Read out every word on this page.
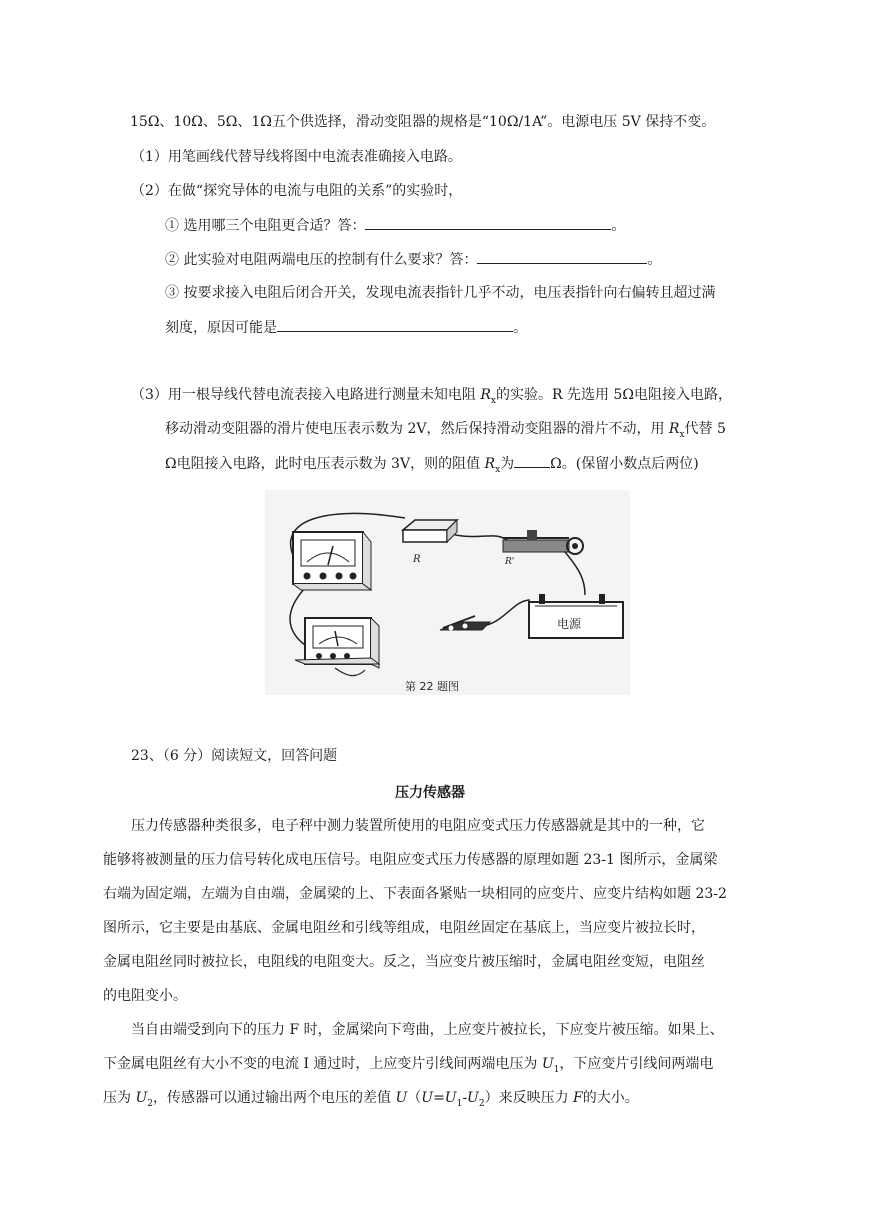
15Ω、10Ω、5Ω、1Ω五个供选择，滑动变阻器的规格是“10Ω/1A”。电源电压 5V 保持不变。
（1）用笔画线代替导线将图中电流表准确接入电路。
（2）在做“探究导体的电流与电阻的关系”的实验时，
① 选用哪三个电阻更合适？答：	。
② 此实验对电阻两端电压的控制有什么要求？答：	。
③ 按要求接入电阻后闭合开关，发现电流表指针几乎不动，电压表指针向右偏转且超过满
刻度，原因可能是	。
（3）用一根导线代替电流表接入电路进行测量未知电阻 $R_x$的实验。R 先选用 5Ω电阻接入电路，
移动滑动变阻器的滑片使电压表示数为 2V，然后保持滑动变阻器的滑片不动，用 $R_x$代替 5
Ω电阻接入电路，此时电压表示数为 3V，则的阻值 $R_x$为	Ω。(保留小数点后两位)
R	R'
电源
第 22 题图
23、（6 分）阅读短文，回答问题
压力传感器
压力传感器种类很多，电子秤中测力装置所使用的电阻应变式压力传感器就是其中的一种，它
能够将被测量的压力信号转化成电压信号。电阻应变式压力传感器的原理如题 23-1 图所示，金属梁
右端为固定端，左端为自由端，金属梁的上、下表面各紧贴一块相同的应变片、应变片结构如题 23-2
图所示，它主要是由基底、金属电阻丝和引线等组成，电阻丝固定在基底上，当应变片被拉长时，
金属电阻丝同时被拉长，电阻线的电阻变大。反之，当应变片被压缩时，金属电阻丝变短，电阻丝
的电阻变小。
当自由端受到向下的压力 F 时，金属梁向下弯曲，上应变片被拉长，下应变片被压缩。如果上、
下金属电阻丝有大小不变的电流 I 通过时，上应变片引线间两端电压为 $U_1$，下应变片引线间两端电
压为 $U_2$，传感器可以通过输出两个电压的差值 $U(U=U_1-U_2)$来反映压力 F的大小。
